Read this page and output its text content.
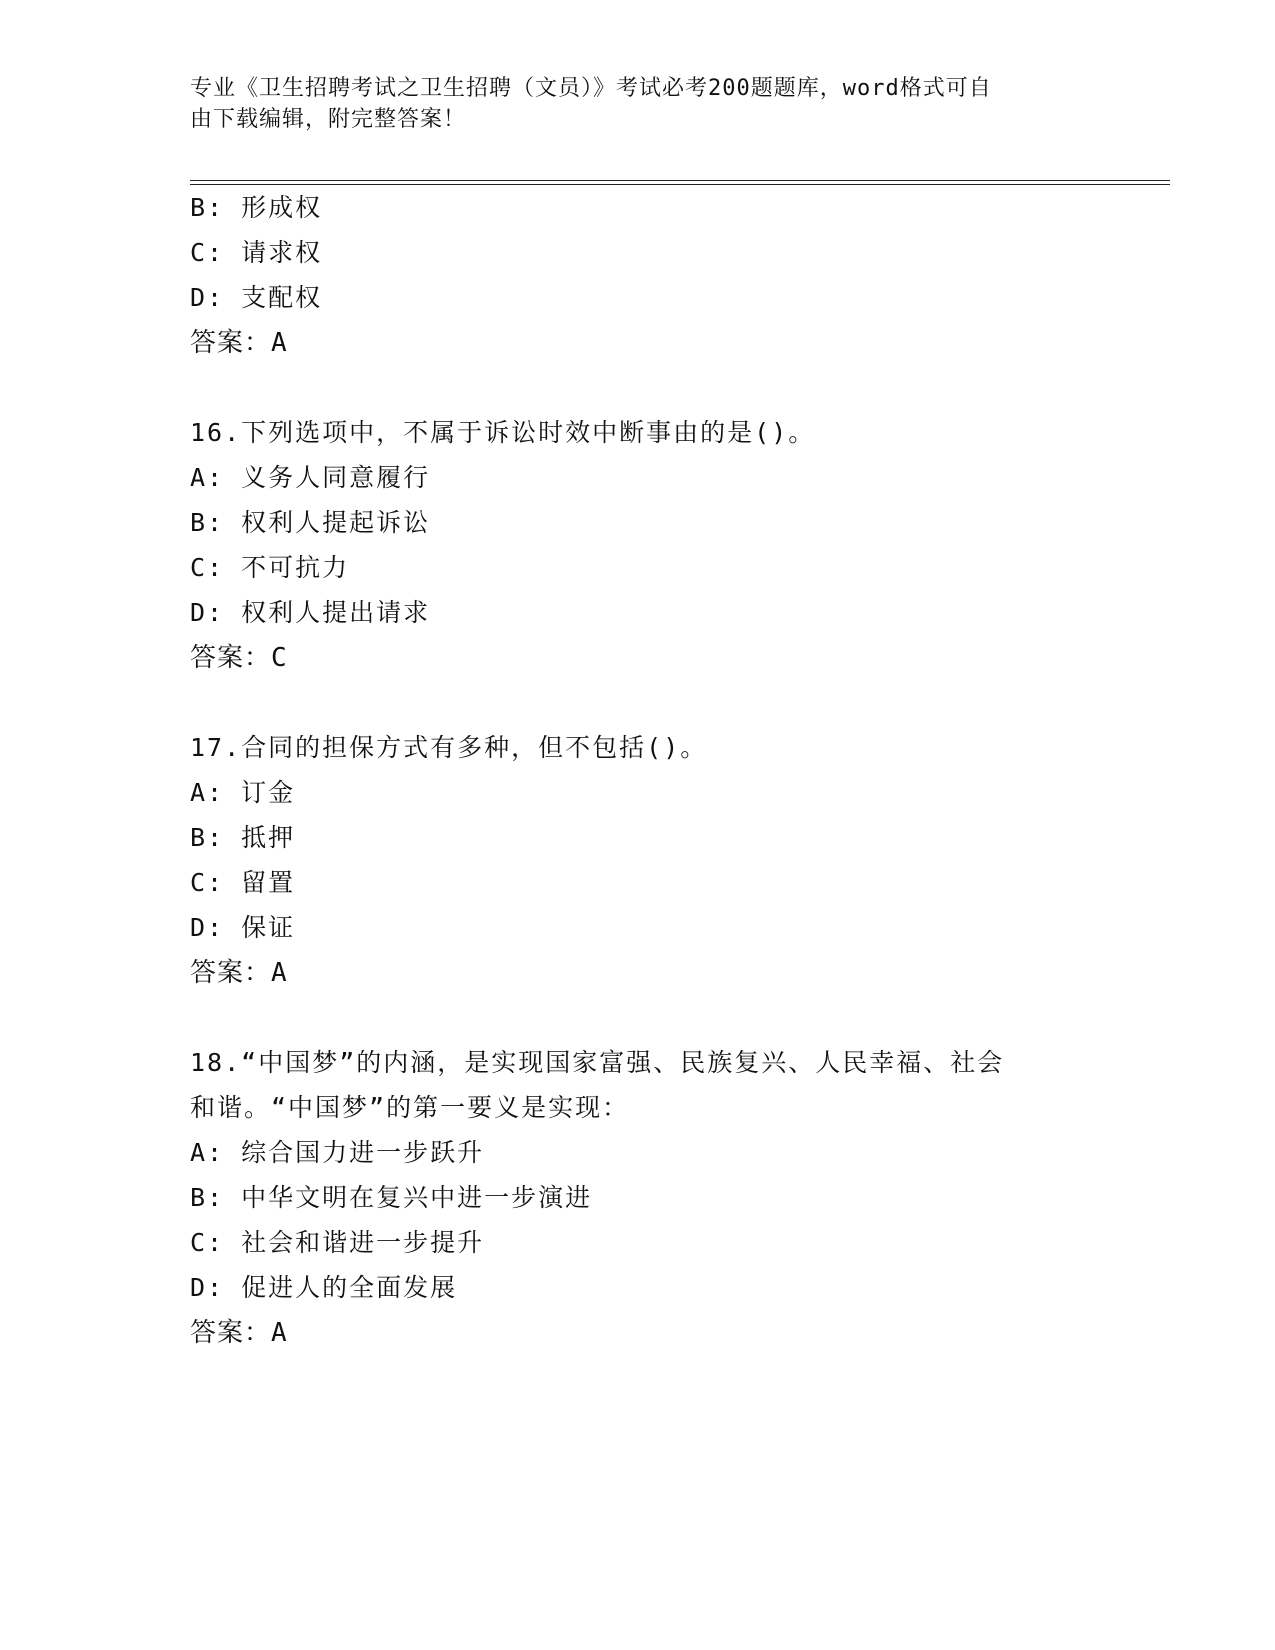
专业《卫生招聘考试之卫生招聘（文员）》考试必考200题题库，word格式可自
由下载编辑，附完整答案！
B: 形成权
C: 请求权
D: 支配权
答案：A
16.下列选项中，不属于诉讼时效中断事由的是()。
A: 义务人同意履行
B: 权利人提起诉讼
C: 不可抗力
D: 权利人提出请求
答案：C
17.合同的担保方式有多种，但不包括()。
A: 订金
B: 抵押
C: 留置
D: 保证
答案：A
18.“中国梦”的内涵，是实现国家富强、民族复兴、人民幸福、社会
和谐。“中国梦”的第一要义是实现：
A: 综合国力进一步跃升
B: 中华文明在复兴中进一步演进
C: 社会和谐进一步提升
D: 促进人的全面发展
答案：A
